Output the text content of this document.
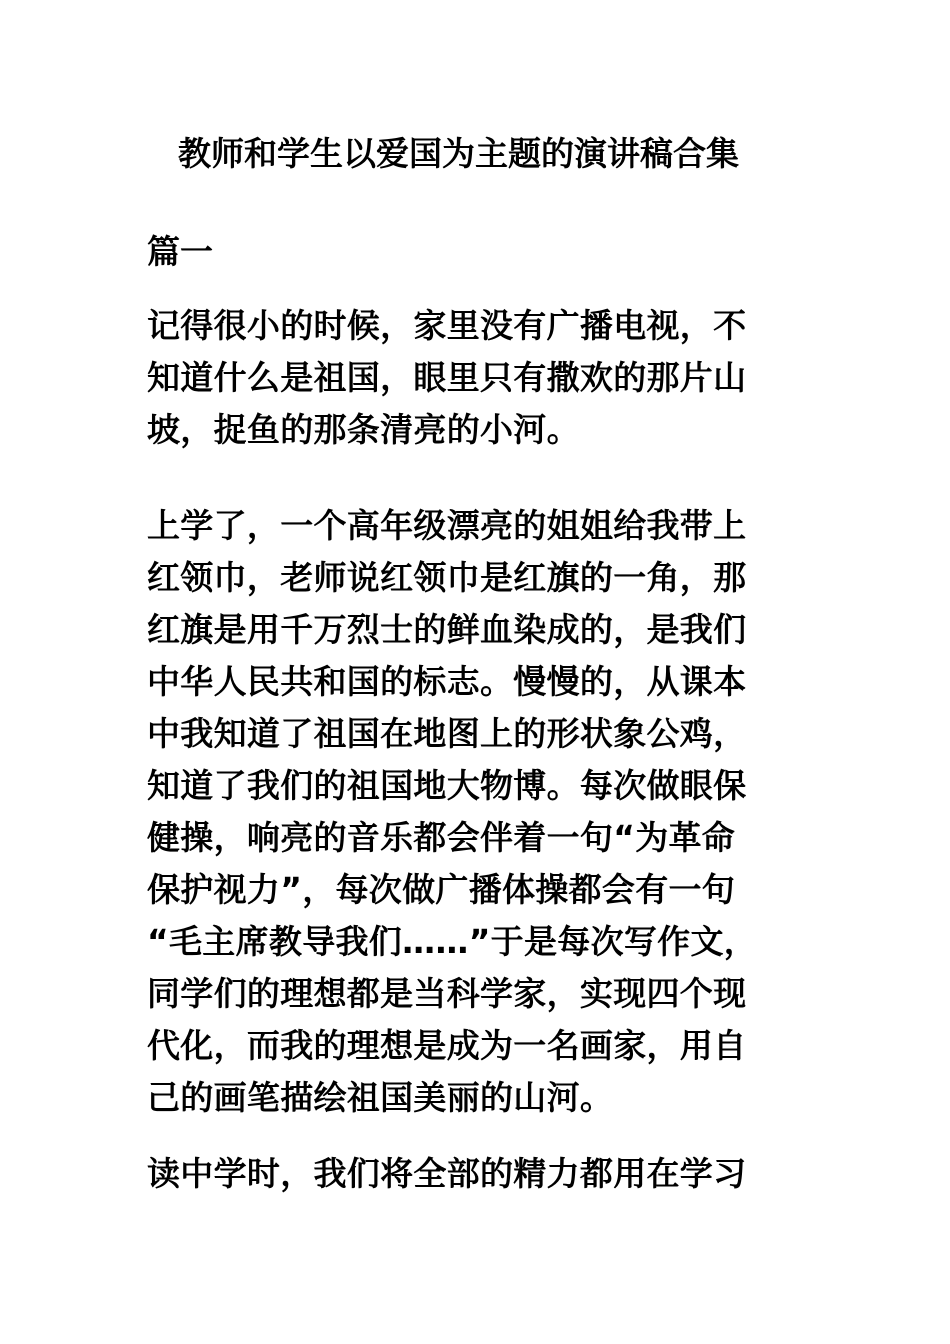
教师和学生以爱国为主题的演讲稿合集
篇一

记得很小的时候，家里没有广播电视，不
知道什么是祖国，眼里只有撒欢的那片山
坡，捉鱼的那条清亮的小河。

上学了，一个高年级漂亮的姐姐给我带上
红领巾，老师说红领巾是红旗的一角，那
红旗是用千万烈士的鲜血染成的，是我们
中华人民共和国的标志。慢慢的，从课本
中我知道了祖国在地图上的形状象公鸡，
知道了我们的祖国地大物博。每次做眼保
健操，响亮的音乐都会伴着一句“为革命
保护视力”，每次做广播体操都会有一句
“毛主席教导我们……”于是每次写作文，
同学们的理想都是当科学家，实现四个现
代化，而我的理想是成为一名画家，用自
己的画笔描绘祖国美丽的山河。

读中学时，我们将全部的精力都用在学习
